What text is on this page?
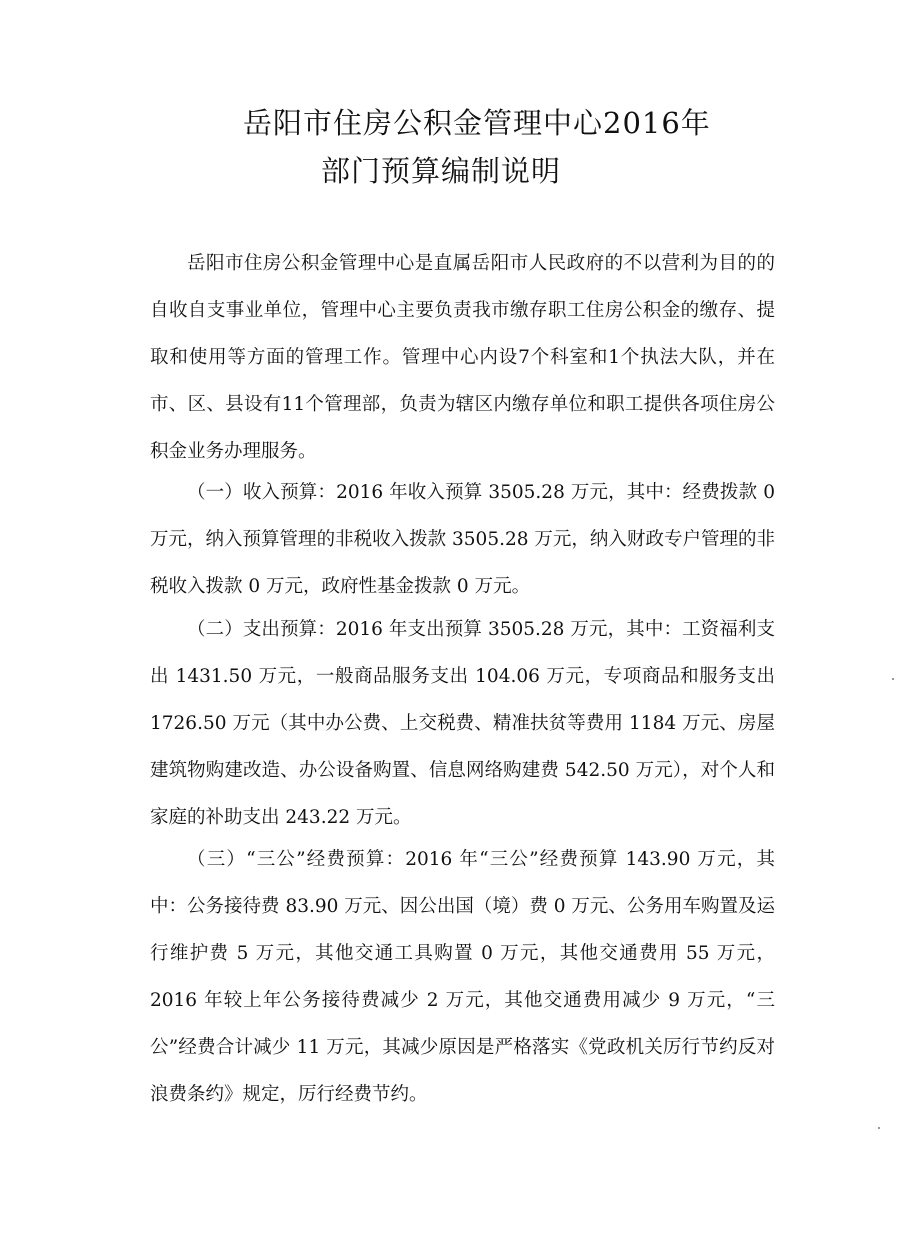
岳阳市住房公积金管理中心2016年
部门预算编制说明

岳阳市住房公积金管理中心是直属岳阳市人民政府的不以营利为目的的自收自支事业单位，管理中心主要负责我市缴存职工住房公积金的缴存、提取和使用等方面的管理工作。管理中心内设7个科室和1个执法大队，并在市、区、县设有11个管理部，负责为辖区内缴存单位和职工提供各项住房公积金业务办理服务。

（一）收入预算：2016 年收入预算 3505.28 万元，其中：经费拨款 0 万元，纳入预算管理的非税收入拨款 3505.28 万元，纳入财政专户管理的非税收入拨款 0 万元，政府性基金拨款 0 万元。

（二）支出预算：2016 年支出预算 3505.28 万元，其中：工资福利支出 1431.50 万元，一般商品服务支出 104.06 万元，专项商品和服务支出 1726.50 万元（其中办公费、上交税费、精准扶贫等费用 1184 万元、房屋建筑物购建改造、办公设备购置、信息网络购建费 542.50 万元），对个人和家庭的补助支出 243.22 万元。

（三）“三公”经费预算：2016 年“三公”经费预算 143.90 万元，其中：公务接待费 83.90 万元、因公出国（境）费 0 万元、公务用车购置及运行维护费 5 万元，其他交通工具购置 0 万元，其他交通费用 55 万元，2016 年较上年公务接待费减少 2 万元，其他交通费用减少 9 万元，“三公”经费合计减少 11 万元，其减少原因是严格落实《党政机关厉行节约反对浪费条约》规定，厉行经费节约。
